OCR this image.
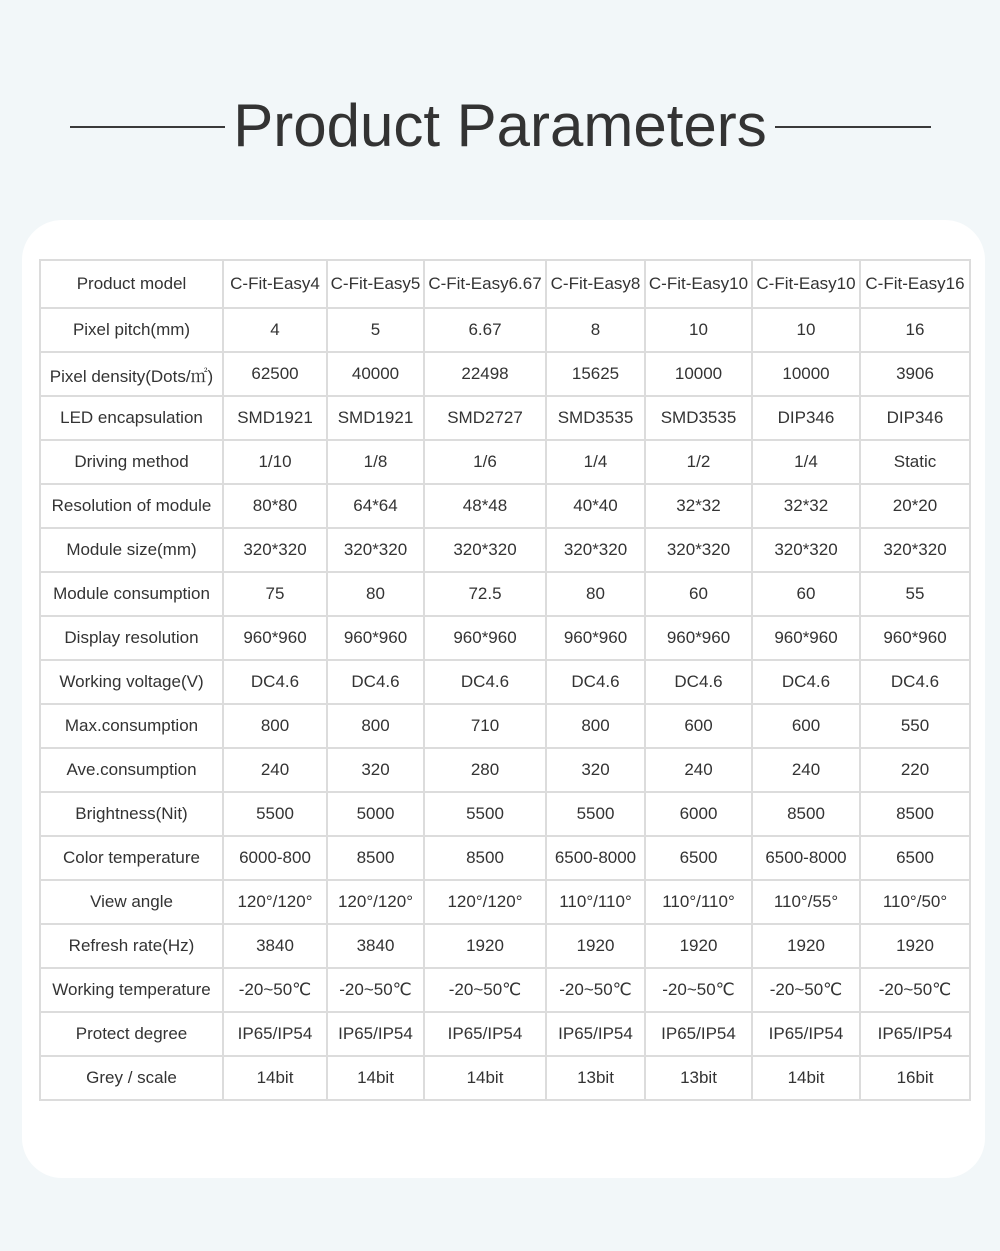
Product Parameters
Product model	C-Fit-Easy4	C-Fit-Easy5	C-Fit-Easy6.67	C-Fit-Easy8	C-Fit-Easy10	C-Fit-Easy10	C-Fit-Easy16
Pixel pitch(mm)	4	5	6.67	8	10	10	16
Pixel density(Dots/㎡)	62500	40000	22498	15625	10000	10000	3906
LED encapsulation	SMD1921	SMD1921	SMD2727	SMD3535	SMD3535	DIP346	DIP346
Driving method	1/10	1/8	1/6	1/4	1/2	1/4	Static
Resolution of module	80*80	64*64	48*48	40*40	32*32	32*32	20*20
Module size(mm)	320*320	320*320	320*320	320*320	320*320	320*320	320*320
Module consumption	75	80	72.5	80	60	60	55
Display resolution	960*960	960*960	960*960	960*960	960*960	960*960	960*960
Working voltage(V)	DC4.6	DC4.6	DC4.6	DC4.6	DC4.6	DC4.6	DC4.6
Max.consumption	800	800	710	800	600	600	550
Ave.consumption	240	320	280	320	240	240	220
Brightness(Nit)	5500	5000	5500	5500	6000	8500	8500
Color temperature	6000-800	8500	8500	6500-8000	6500	6500-8000	6500
View angle	120°/120°	120°/120°	120°/120°	110°/110°	110°/110°	110°/55°	110°/50°
Refresh rate(Hz)	3840	3840	1920	1920	1920	1920	1920
Working temperature	-20~50℃	-20~50℃	-20~50℃	-20~50℃	-20~50℃	-20~50℃	-20~50℃
Protect degree	IP65/IP54	IP65/IP54	IP65/IP54	IP65/IP54	IP65/IP54	IP65/IP54	IP65/IP54
Grey / scale	14bit	14bit	14bit	13bit	13bit	14bit	16bit
